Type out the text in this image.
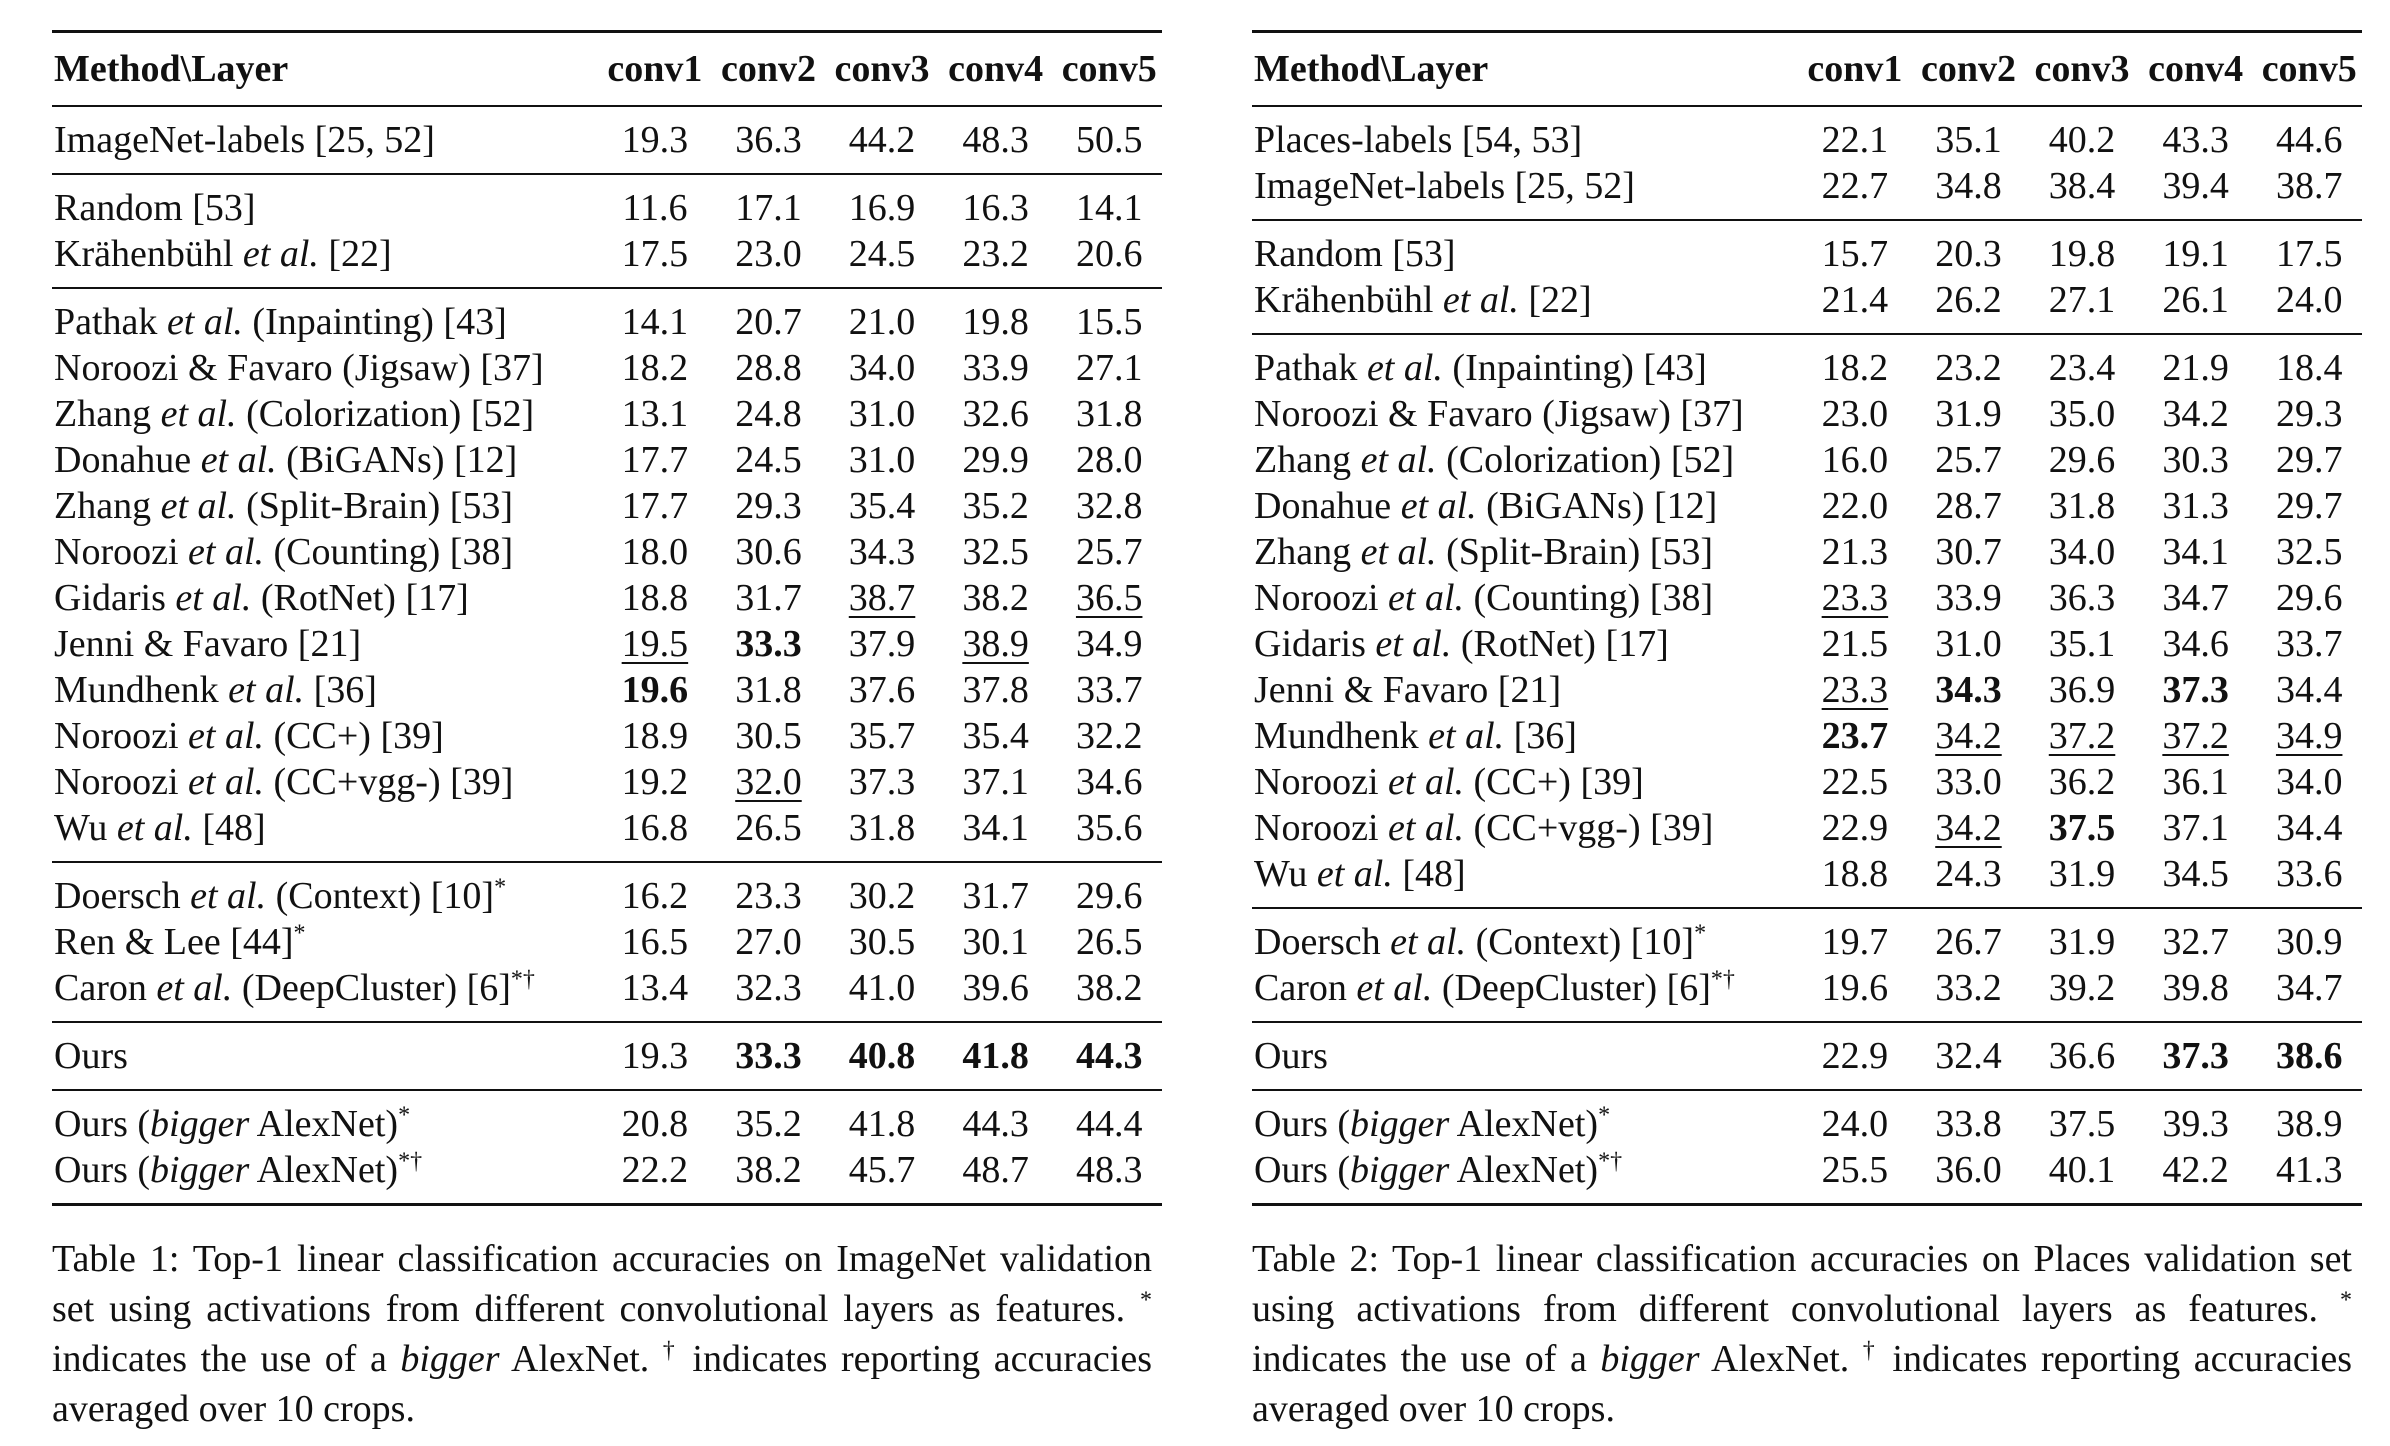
Method\Layer	conv1	conv2	conv3	conv4	conv5
ImageNet-labels [25, 52]	19.3	36.3	44.2	48.3	50.5
Random [53]	11.6	17.1	16.9	16.3	14.1
Krähenbühl et al. [22]	17.5	23.0	24.5	23.2	20.6
Pathak et al. (Inpainting) [43]	14.1	20.7	21.0	19.8	15.5
Noroozi & Favaro (Jigsaw) [37]	18.2	28.8	34.0	33.9	27.1
Zhang et al. (Colorization) [52]	13.1	24.8	31.0	32.6	31.8
Donahue et al. (BiGANs) [12]	17.7	24.5	31.0	29.9	28.0
Zhang et al. (Split-Brain) [53]	17.7	29.3	35.4	35.2	32.8
Noroozi et al. (Counting) [38]	18.0	30.6	34.3	32.5	25.7
Gidaris et al. (RotNet) [17]	18.8	31.7	38.7	38.2	36.5
Jenni & Favaro [21]	19.5	33.3	37.9	38.9	34.9
Mundhenk et al. [36]	19.6	31.8	37.6	37.8	33.7
Noroozi et al. (CC+) [39]	18.9	30.5	35.7	35.4	32.2
Noroozi et al. (CC+vgg-) [39]	19.2	32.0	37.3	37.1	34.6
Wu et al. [48]	16.8	26.5	31.8	34.1	35.6
Doersch et al. (Context) [10]*	16.2	23.3	30.2	31.7	29.6
Ren & Lee [44]*	16.5	27.0	30.5	30.1	26.5
Caron et al. (DeepCluster) [6]*†	13.4	32.3	41.0	39.6	38.2
Ours	19.3	33.3	40.8	41.8	44.3
Ours (bigger AlexNet)*	20.8	35.2	41.8	44.3	44.4
Ours (bigger AlexNet)*†	22.2	38.2	45.7	48.7	48.3
Table 1: Top-1 linear classification accuracies on ImageNet validation set using activations from different convolutional layers as features. * indicates the use of a bigger AlexNet. † indicates reporting accuracies averaged over 10 crops.
Method\Layer	conv1	conv2	conv3	conv4	conv5
Places-labels [54, 53]	22.1	35.1	40.2	43.3	44.6
ImageNet-labels [25, 52]	22.7	34.8	38.4	39.4	38.7
Random [53]	15.7	20.3	19.8	19.1	17.5
Krähenbühl et al. [22]	21.4	26.2	27.1	26.1	24.0
Pathak et al. (Inpainting) [43]	18.2	23.2	23.4	21.9	18.4
Noroozi & Favaro (Jigsaw) [37]	23.0	31.9	35.0	34.2	29.3
Zhang et al. (Colorization) [52]	16.0	25.7	29.6	30.3	29.7
Donahue et al. (BiGANs) [12]	22.0	28.7	31.8	31.3	29.7
Zhang et al. (Split-Brain) [53]	21.3	30.7	34.0	34.1	32.5
Noroozi et al. (Counting) [38]	23.3	33.9	36.3	34.7	29.6
Gidaris et al. (RotNet) [17]	21.5	31.0	35.1	34.6	33.7
Jenni & Favaro [21]	23.3	34.3	36.9	37.3	34.4
Mundhenk et al. [36]	23.7	34.2	37.2	37.2	34.9
Noroozi et al. (CC+) [39]	22.5	33.0	36.2	36.1	34.0
Noroozi et al. (CC+vgg-) [39]	22.9	34.2	37.5	37.1	34.4
Wu et al. [48]	18.8	24.3	31.9	34.5	33.6
Doersch et al. (Context) [10]*	19.7	26.7	31.9	32.7	30.9
Caron et al. (DeepCluster) [6]*†	19.6	33.2	39.2	39.8	34.7
Ours	22.9	32.4	36.6	37.3	38.6
Ours (bigger AlexNet)*	24.0	33.8	37.5	39.3	38.9
Ours (bigger AlexNet)*†	25.5	36.0	40.1	42.2	41.3
Table 2: Top-1 linear classification accuracies on Places validation set using activations from different convolutional layers as features. * indicates the use of a bigger AlexNet. † indicates reporting accuracies averaged over 10 crops.
